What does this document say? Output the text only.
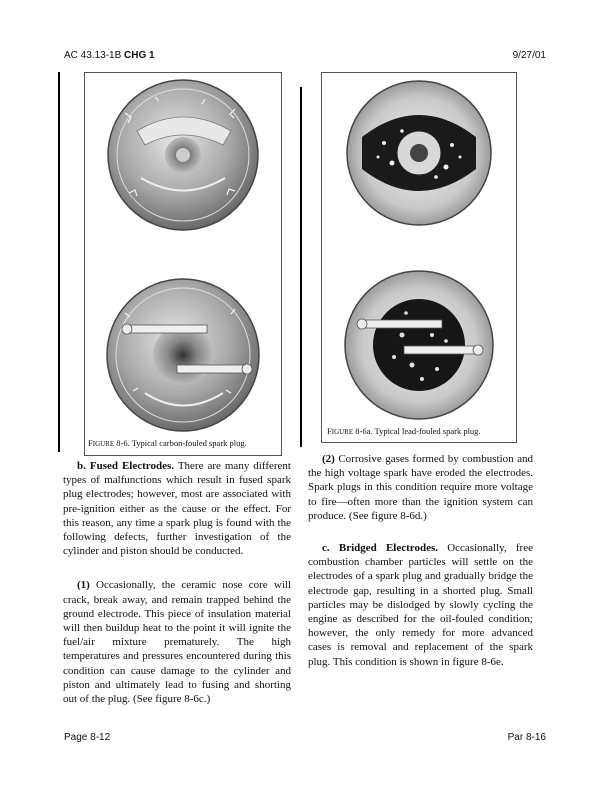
AC 43.13-1B CHG 1	9/27/01
FIGURE 8-6. Typical carbon-fouled spark plug.
FIGURE 8-6a. Typical lead-fouled spark plug.

b. Fused Electrodes. There are many different types of malfunctions which result in fused spark plug electrodes; however, most are associated with pre-ignition either as the cause or the effect. For this reason, any time a spark plug is found with the following defects, further investigation of the cylinder and piston should be conducted.

(1) Occasionally, the ceramic nose core will crack, break away, and remain trapped behind the ground electrode. This piece of insulation material will then buildup heat to the point it will ignite the fuel/air mixture prematurely. The high temperatures and pressures encountered during this condition can cause damage to the cylinder and piston and ultimately lead to fusing and shorting out of the plug. (See figure 8-6c.)

(2) Corrosive gases formed by combustion and the high voltage spark have eroded the electrodes. Spark plugs in this condition require more voltage to fire—often more than the ignition system can produce. (See figure 8-6d.)

c. Bridged Electrodes. Occasionally, free combustion chamber particles will settle on the electrodes of a spark plug and gradually bridge the electrode gap, resulting in a shorted plug. Small particles may be dislodged by slowly cycling the engine as described for the oil-fouled condition; however, the only remedy for more advanced cases is removal and replacement of the spark plug. This condition is shown in figure 8-6e.

Page 8-12	Par 8-16
